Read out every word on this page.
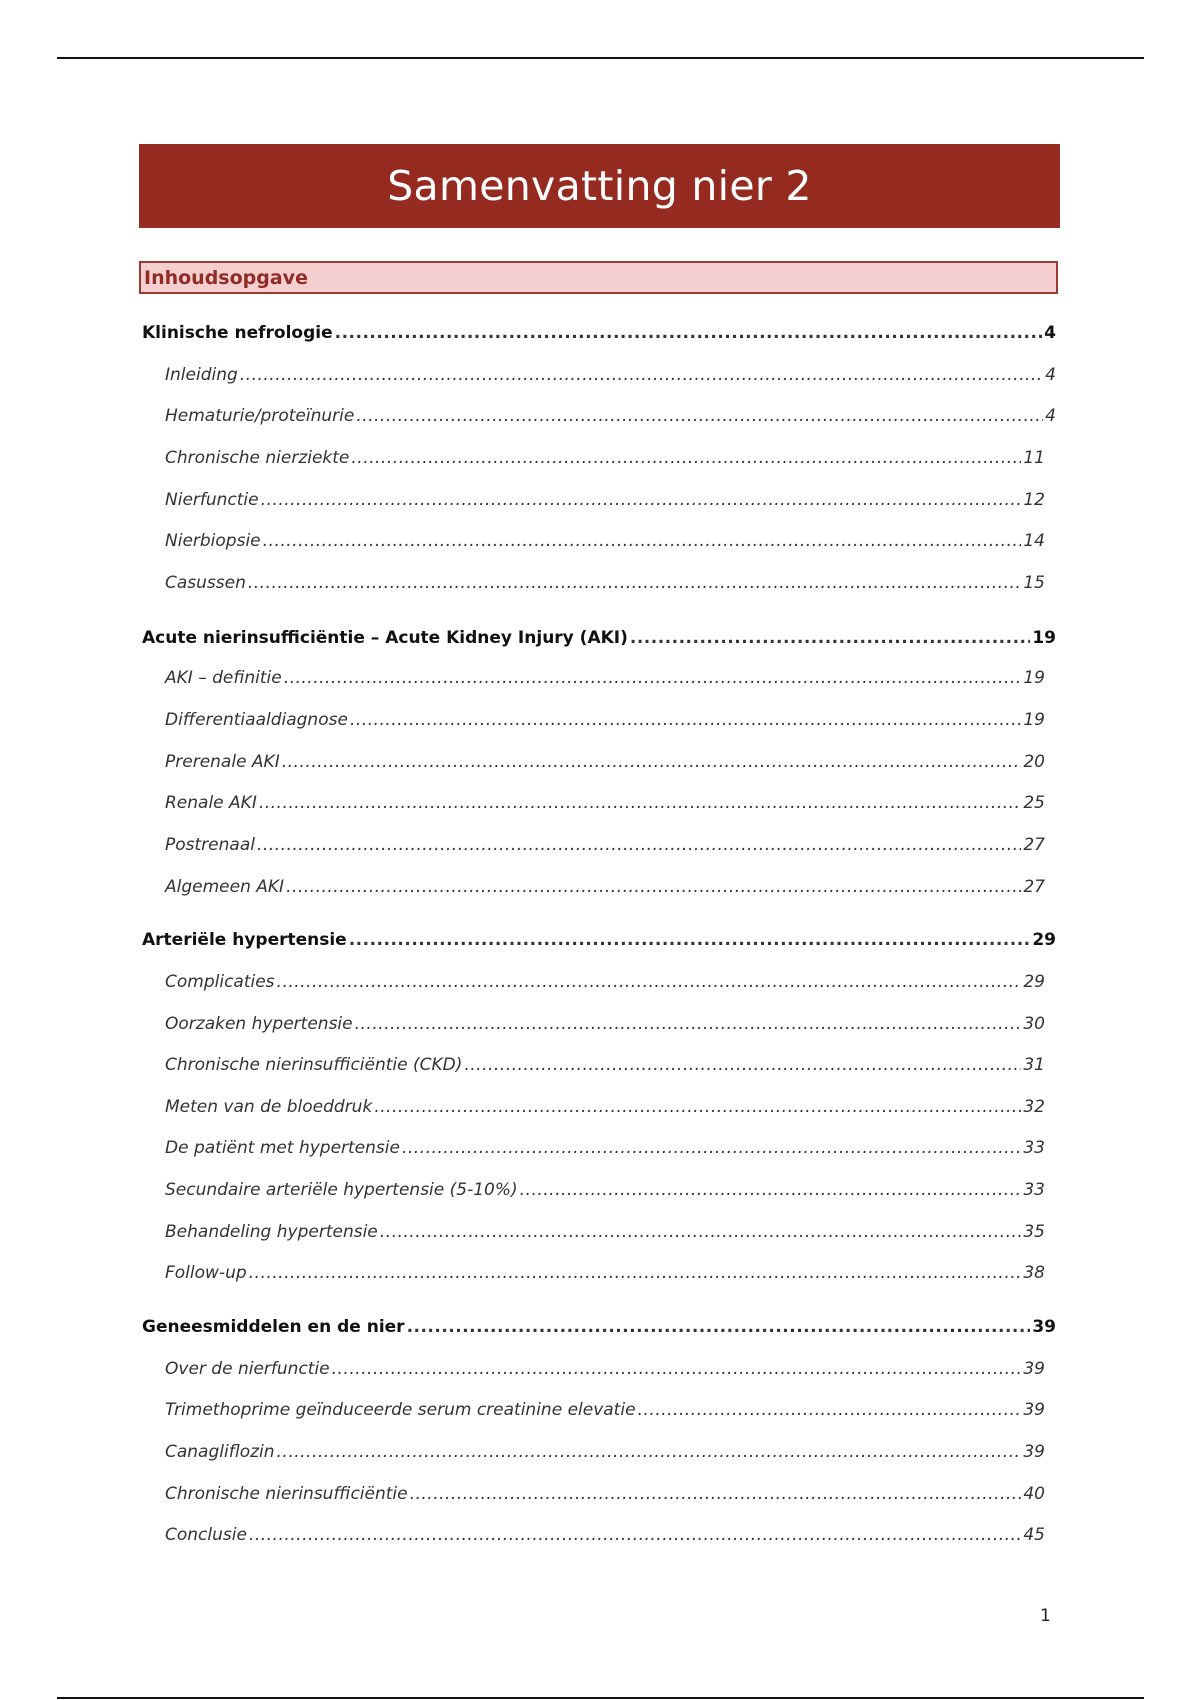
Samenvatting nier 2
Inhoudsopgave
Klinische nefrologie .....	4
Inleiding .....	4
Hematurie/proteïnurie .....	4
Chronische nierziekte .....	11
Nierfunctie .....	12
Nierbiopsie .....	14
Casussen .....	15
Acute nierinsufficiëntie – Acute Kidney Injury (AKI) .....	19
AKI – definitie .....	19
Differentiaaldiagnose .....	19
Prerenale AKI .....	20
Renale AKI .....	25
Postrenaal .....	27
Algemeen AKI .....	27
Arteriële hypertensie .....	29
Complicaties .....	29
Oorzaken hypertensie .....	30
Chronische nierinsufficiëntie (CKD) .....	31
Meten van de bloeddruk .....	32
De patiënt met hypertensie .....	33
Secundaire arteriële hypertensie (5-10%) .....	33
Behandeling hypertensie .....	35
Follow-up .....	38
Geneesmiddelen en de nier .....	39
Over de nierfunctie .....	39
Trimethoprime geïnduceerde serum creatinine elevatie .....	39
Canagliflozin .....	39
Chronische nierinsufficiëntie .....	40
Conclusie .....	45
1
